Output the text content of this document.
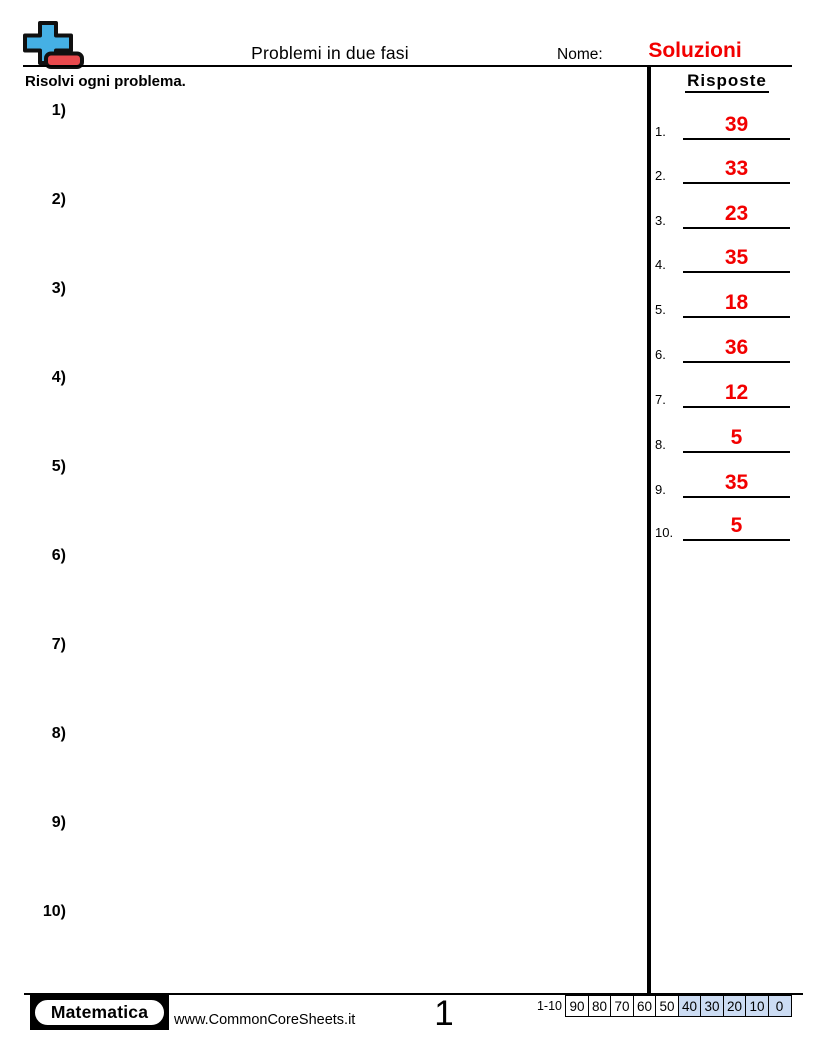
Problemi in due fasi	Nome:	Soluzioni
Risolvi ogni problema.
1)
2)
3)
4)
5)
6)
7)
8)
9)
10)
Risposte
1.	39
2.	33
3.	23
4.	35
5.	18
6.	36
7.	12
8.	5
9.	35
10.	5
Matematica	www.CommonCoreSheets.it 1	1-10 90 80 70 60 50 40 30 20 10 0
